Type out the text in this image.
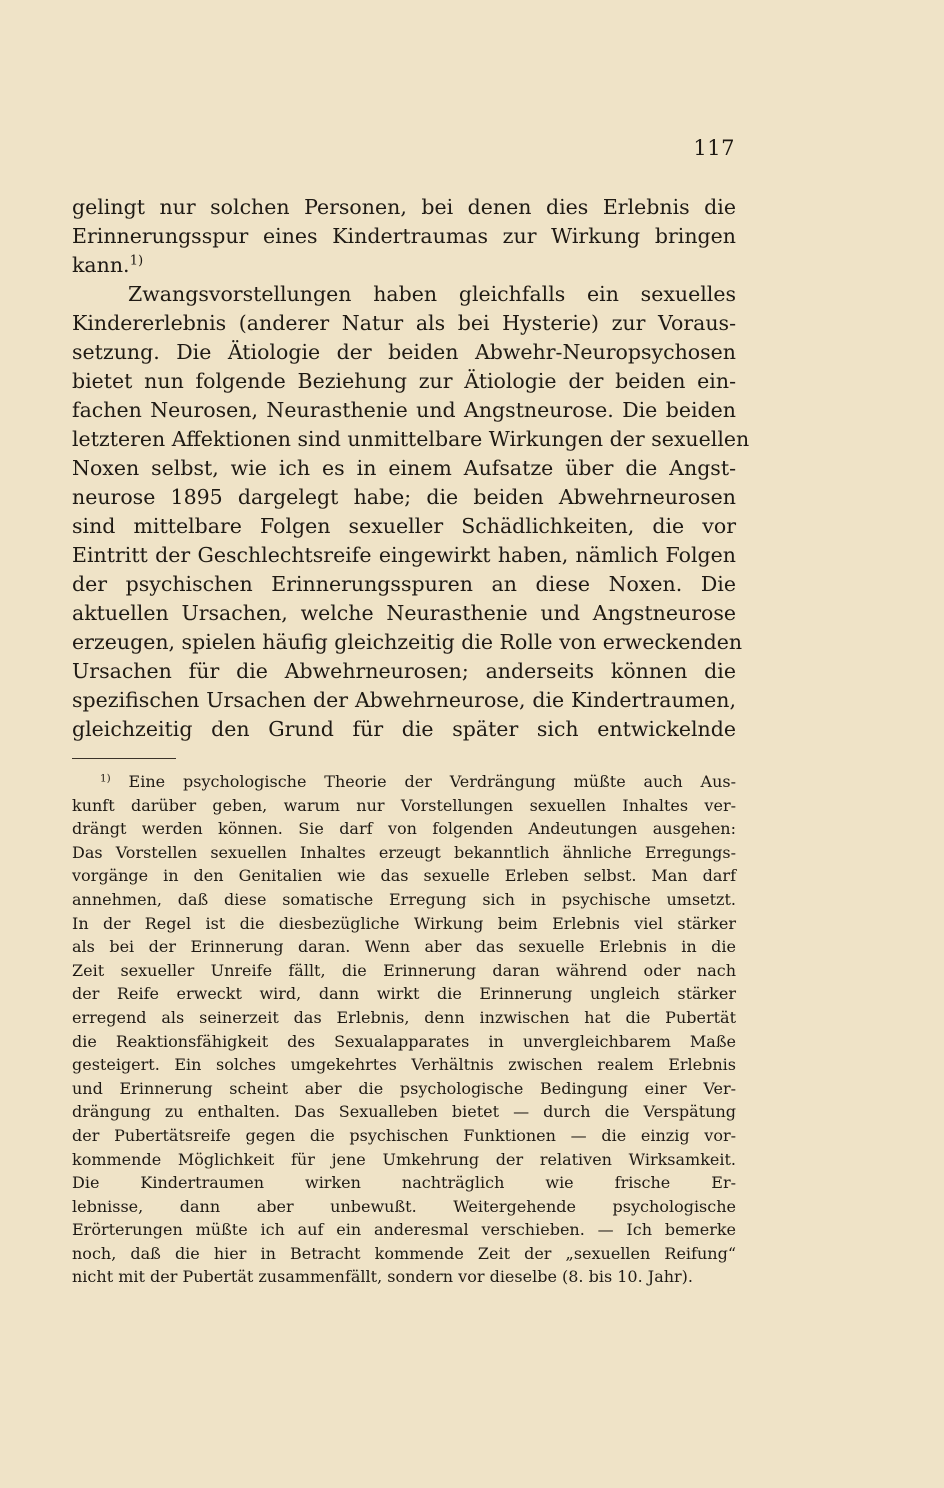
117
gelingt nur solchen Personen, bei denen dies Erlebnis die
Erinnerungsspur eines Kindertraumas zur Wirkung bringen
kann.$^{1)}$
Zwangsvorstellungen haben gleichfalls ein sexuelles
Kindererlebnis (anderer Natur als bei Hysterie) zur Voraus-
setzung. Die Ätiologie der beiden Abwehr-Neuropsychosen
bietet nun folgende Beziehung zur Ätiologie der beiden ein-
fachen Neurosen, Neurasthenie und Angstneurose. Die beiden
letzteren Affektionen sind unmittelbare Wirkungen der sexuellen
Noxen selbst, wie ich es in einem Aufsatze über die Angst-
neurose 1895 dargelegt habe; die beiden Abwehrneurosen
sind mittelbare Folgen sexueller Schädlichkeiten, die vor
Eintritt der Geschlechtsreife eingewirkt haben, nämlich Folgen
der psychischen Erinnerungsspuren an diese Noxen. Die
aktuellen Ursachen, welche Neurasthenie und Angstneurose
erzeugen, spielen häufig gleichzeitig die Rolle von erweckenden
Ursachen für die Abwehrneurosen; anderseits können die
spezifischen Ursachen der Abwehrneurose, die Kindertraumen,
gleichzeitig den Grund für die später sich entwickelnde
$^{1)}$ Eine psychologische Theorie der Verdrängung müßte auch Aus-
kunft darüber geben, warum nur Vorstellungen sexuellen Inhaltes ver-
drängt werden können. Sie darf von folgenden Andeutungen ausgehen:
Das Vorstellen sexuellen Inhaltes erzeugt bekanntlich ähnliche Erregungs-
vorgänge in den Genitalien wie das sexuelle Erleben selbst. Man darf
annehmen, daß diese somatische Erregung sich in psychische umsetzt.
In der Regel ist die diesbezügliche Wirkung beim Erlebnis viel stärker
als bei der Erinnerung daran. Wenn aber das sexuelle Erlebnis in die
Zeit sexueller Unreife fällt, die Erinnerung daran während oder nach
der Reife erweckt wird, dann wirkt die Erinnerung ungleich stärker
erregend als seinerzeit das Erlebnis, denn inzwischen hat die Pubertät
die Reaktionsfähigkeit des Sexualapparates in unvergleichbarem Maße
gesteigert. Ein solches umgekehrtes Verhältnis zwischen realem Erlebnis
und Erinnerung scheint aber die psychologische Bedingung einer Ver-
drängung zu enthalten. Das Sexualleben bietet — durch die Verspätung
der Pubertätsreife gegen die psychischen Funktionen — die einzig vor-
kommende Möglichkeit für jene Umkehrung der relativen Wirksamkeit.
Die Kindertraumen wirken nachträglich wie frische Er-
lebnisse, dann aber unbewußt. Weitergehende psychologische
Erörterungen müßte ich auf ein anderesmal verschieben. — Ich bemerke
noch, daß die hier in Betracht kommende Zeit der „sexuellen Reifung“
nicht mit der Pubertät zusammenfällt, sondern vor dieselbe (8. bis 10. Jahr).
